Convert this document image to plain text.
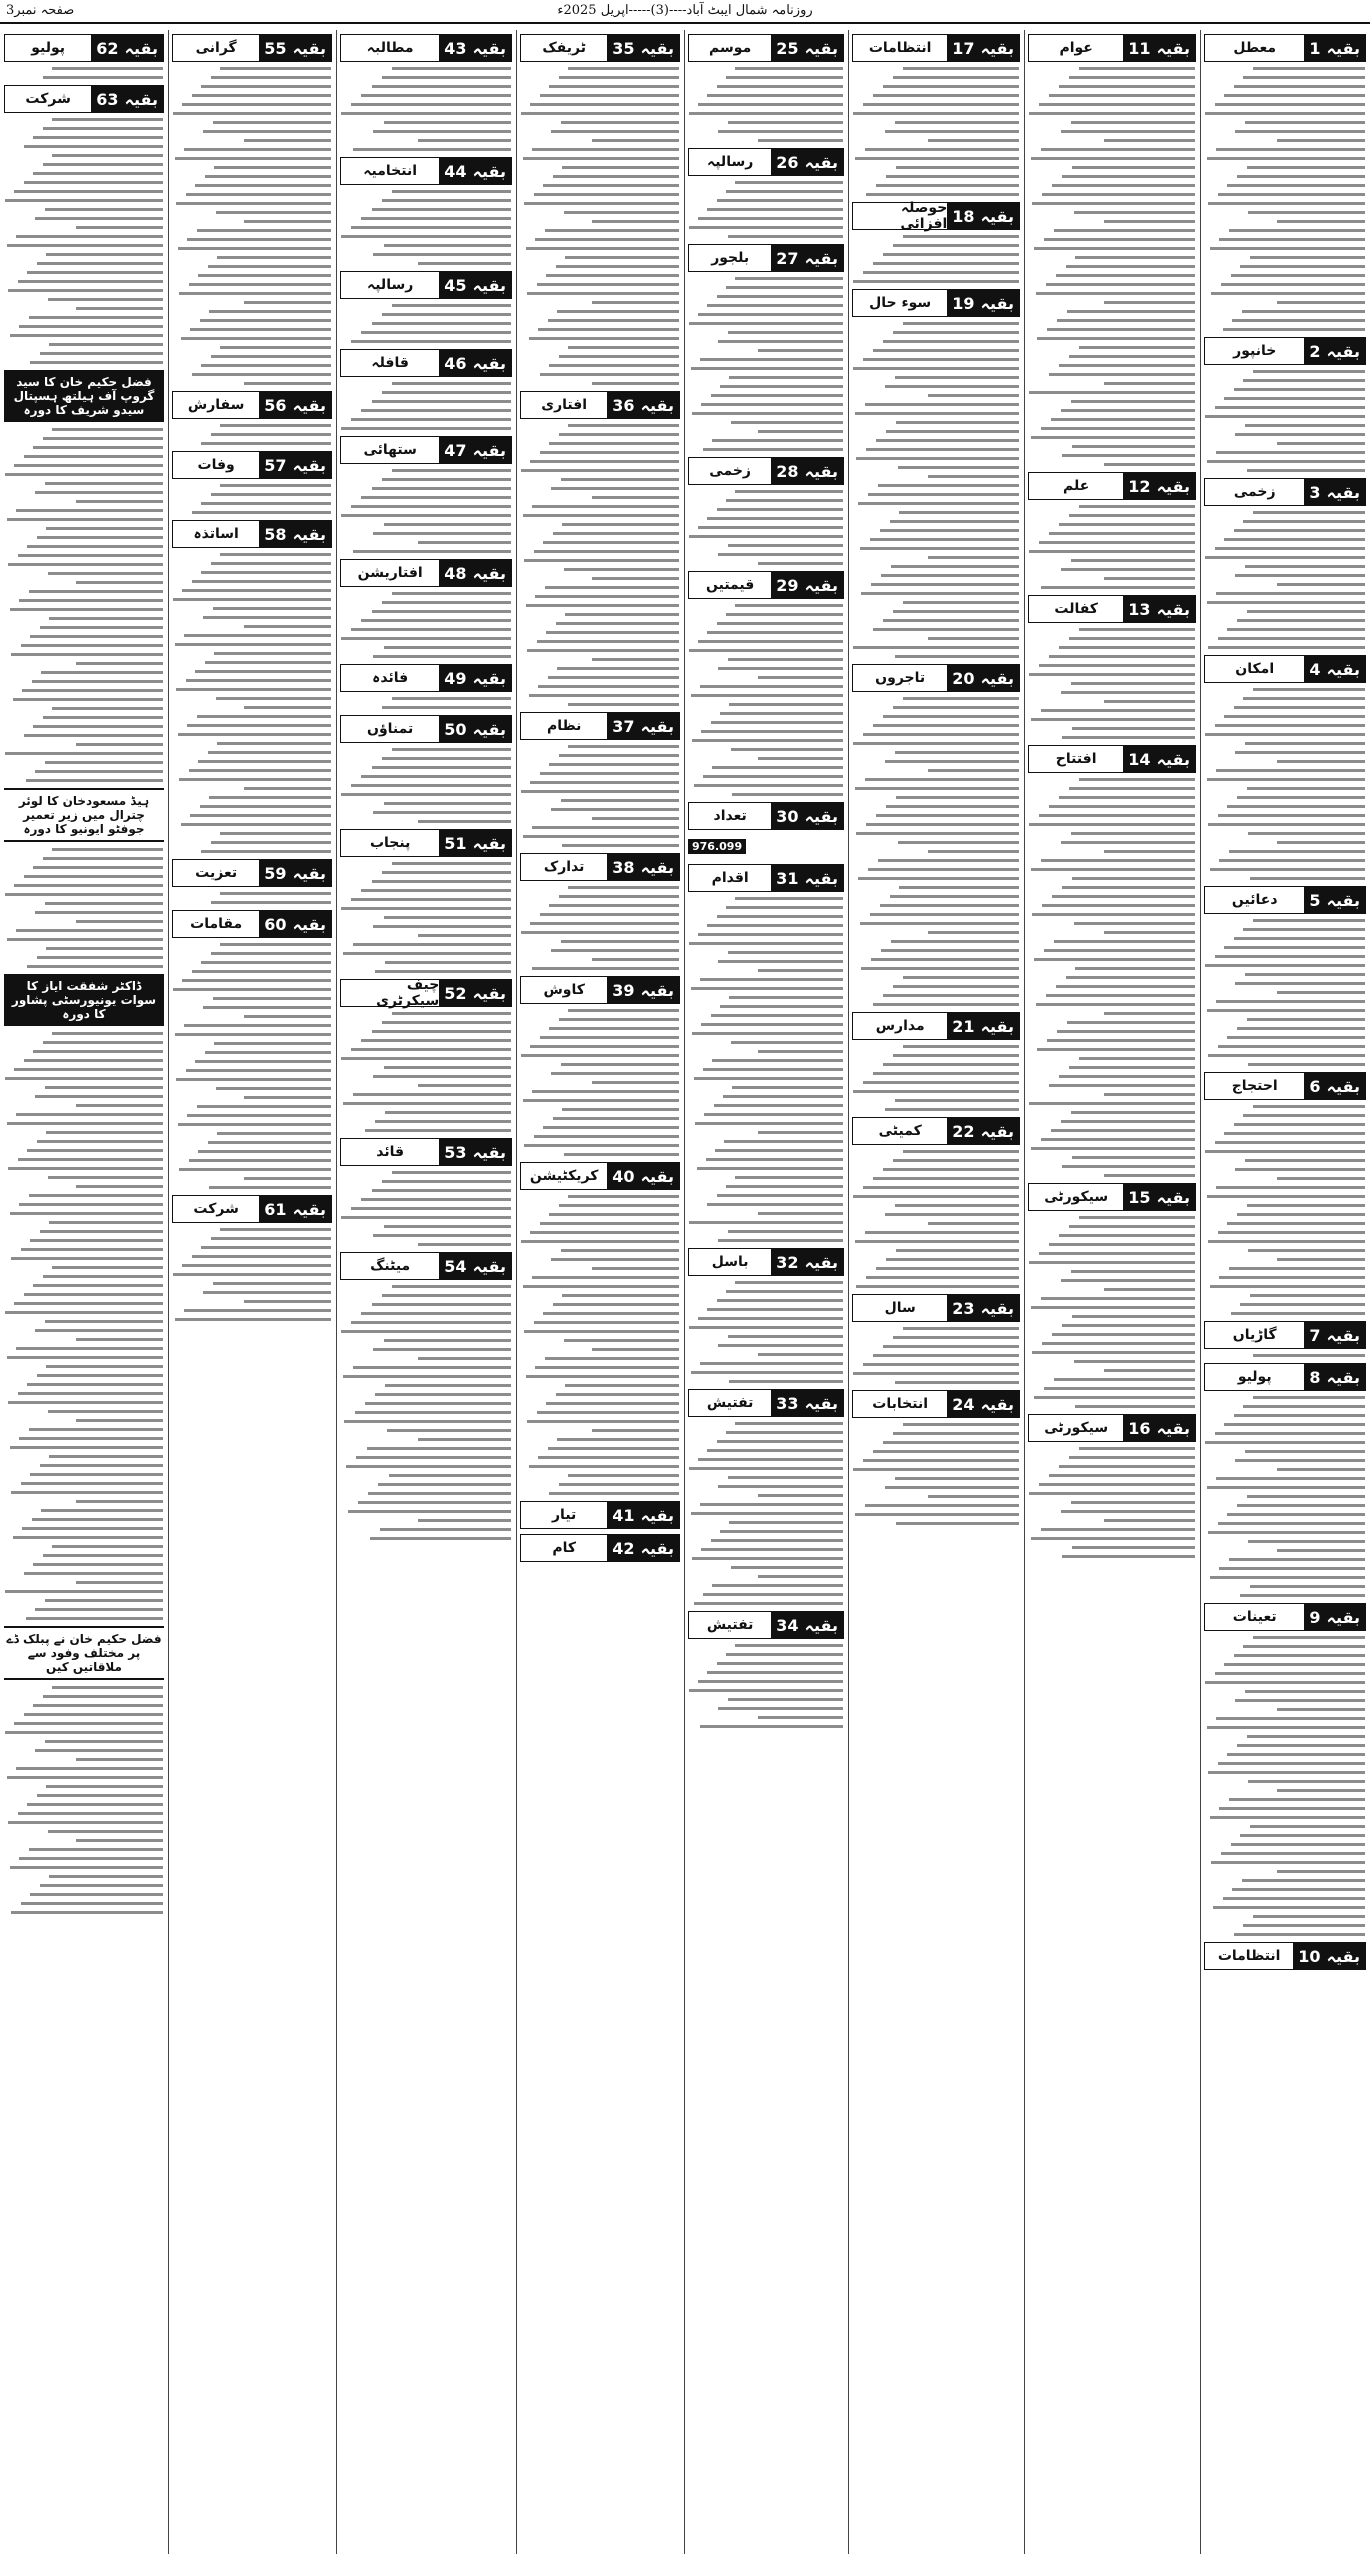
صفحہ نمبر3	روزنامہ شمال ایبٹ آباد----(3)-----اپریل 2025ء
معطل	بقیہ
1
خانپور	بقیہ
2
زخمی	بقیہ
3
امکان	بقیہ
4
دعائیں	بقیہ
5
احتجاج	بقیہ
6
گاڑیاں	بقیہ
7
پولیو	بقیہ
8
تعینات	بقیہ
9
انتظامات	بقیہ
10
عوام	بقیہ
11
علم	بقیہ
12
کفالت	بقیہ
13
افتتاح	بقیہ
14
سیکورٹی	بقیہ
15
سیکورٹی	بقیہ
16
انتظامات	بقیہ
17
حوصلہ افزائی بقیہ
18
سوء حال	بقیہ
19
تاجروں	بقیہ
20
مدارس	بقیہ
21
کمیٹی	بقیہ
22
سال	بقیہ
23
انتخابات	بقیہ
24
موسم	بقیہ
25
رسالپہ	بقیہ
26
بلجور	بقیہ
27
زخمی	بقیہ
28
قیمتیں	بقیہ
29
تعداد	بقیہ
30
976.099
اقدام	بقیہ
31
باسل	بقیہ
32
تفتیش	بقیہ
33
تفتیش	بقیہ
34
ٹریفک	بقیہ
35
افتاری	بقیہ
36
نظام	بقیہ
37
تدارک	بقیہ
38
کاوش	بقیہ
39
کریکٹیشن	بقیہ
40
تیار	بقیہ
41
کام	بقیہ
42
مطالبہ	بقیہ
43
انتخامیہ	بقیہ
44
رسالپہ	بقیہ
45
قافلہ	بقیہ
46
ستھائی	بقیہ
47
افتاریشن	بقیہ
48
فائدہ	بقیہ
49
تمناؤں	بقیہ
50
پنجاب	بقیہ
51
چیف سیکرٹری بقیہ
52
قائد	بقیہ
53
میٹنگ	بقیہ
54
گرانی	بقیہ
55
سفارش	بقیہ
56
وفات	بقیہ
57
اساتذہ	بقیہ
58
تعزیت	بقیہ
59
مقامات	بقیہ
60
شرکت	بقیہ
61
پولیو	بقیہ
62
شرکت	بقیہ
63
فضل حکیم خان کا سید گروپ آف ہیلتھ ہسپتال سیدو شریف کا دورہ
ہیڈ مسعودخان کا لوئر چترال میں زیر تعمیر جوفٹو ایونیو کا دورہ
ڈاکٹر شفقت ایاز کا سوات یونیورسٹی پشاور کا دورہ
فضل حکیم خان نے پبلک ڈے پر مختلف وفود سے ملاقاتیں کیں
